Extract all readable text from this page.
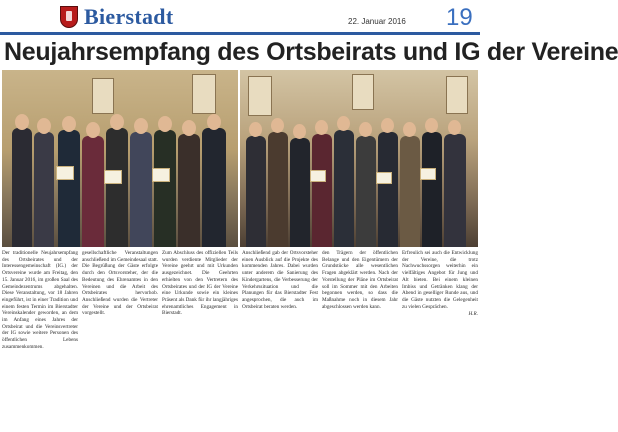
Bierstadt	22. Januar 2016 19
Neujahrsempfang des Ortsbeirats und IG der Vereine

Der traditionelle Neujahrsempfang des Ortsbeirates und der Interessengemeinschaft (IG.) der Ortsvereine wurde am Freitag, den 15. Januar 2016, im großen Saal des Gemeindezentrums abgehalten. Diese Veranstaltung, vor 18 Jahren eingeführt, ist in einer Tradition und einem festen Termin im Bierstadter Vereinskalender geworden, an dem im Anfang eines Jahres der Ortsbeirat und die Vereinsvertreter der IG sowie weitere Personen des öffentlichen Lebens zusammenkommen.

gesellschaftliche Veranstaltungen anschließend im Gemeindesaal statt. Die Begrüßung der Gäste erfolgte durch den Ortsvorsteher, der die Bedeutung des Ehrenamtes in den Vereinen und die Arbeit des Ortsbeirates hervorhob. Anschließend wurden die Vertreter der Vereine und der Ortsbeirat vorgestellt.

Zum Abschluss des offiziellen Teils wurden verdiente Mitglieder der Vereine geehrt und mit Urkunden ausgezeichnet. Die Geehrten erhielten von den Vertretern des Ortsbeirates und der IG der Vereine eine Urkunde sowie ein kleines Präsent als Dank für ihr langjähriges ehrenamtliches Engagement in Bierstadt.

Anschließend gab der Ortsvorsteher einen Ausblick auf die Projekte des kommenden Jahres. Dabei wurden unter anderem die Sanierung des Kindergartens, die Verbesserung der Verkehrssituation und die Planungen für das Bierstadter Fest angesprochen, die auch im Ortsbeirat beraten werden.

den Trägern der öffentlichen Belange und den Eigentümern der Grundstücke alle wesentlichen Fragen abgeklärt werden. Nach der Vorstellung der Pläne im Ortsbeirat soll im Sommer mit den Arbeiten begonnen werden, so dass die Maßnahme noch in diesem Jahr abgeschlossen werden kann.

Erfreulich sei auch die Entwicklung der Vereine, die trotz Nachwuchssorgen weiterhin ein vielfältiges Angebot für Jung und Alt bieten. Bei einem kleinen Imbiss und Getränken klang der Abend in geselliger Runde aus, und die Gäste nutzten die Gelegenheit zu vielen Gesprächen.

H.R.
